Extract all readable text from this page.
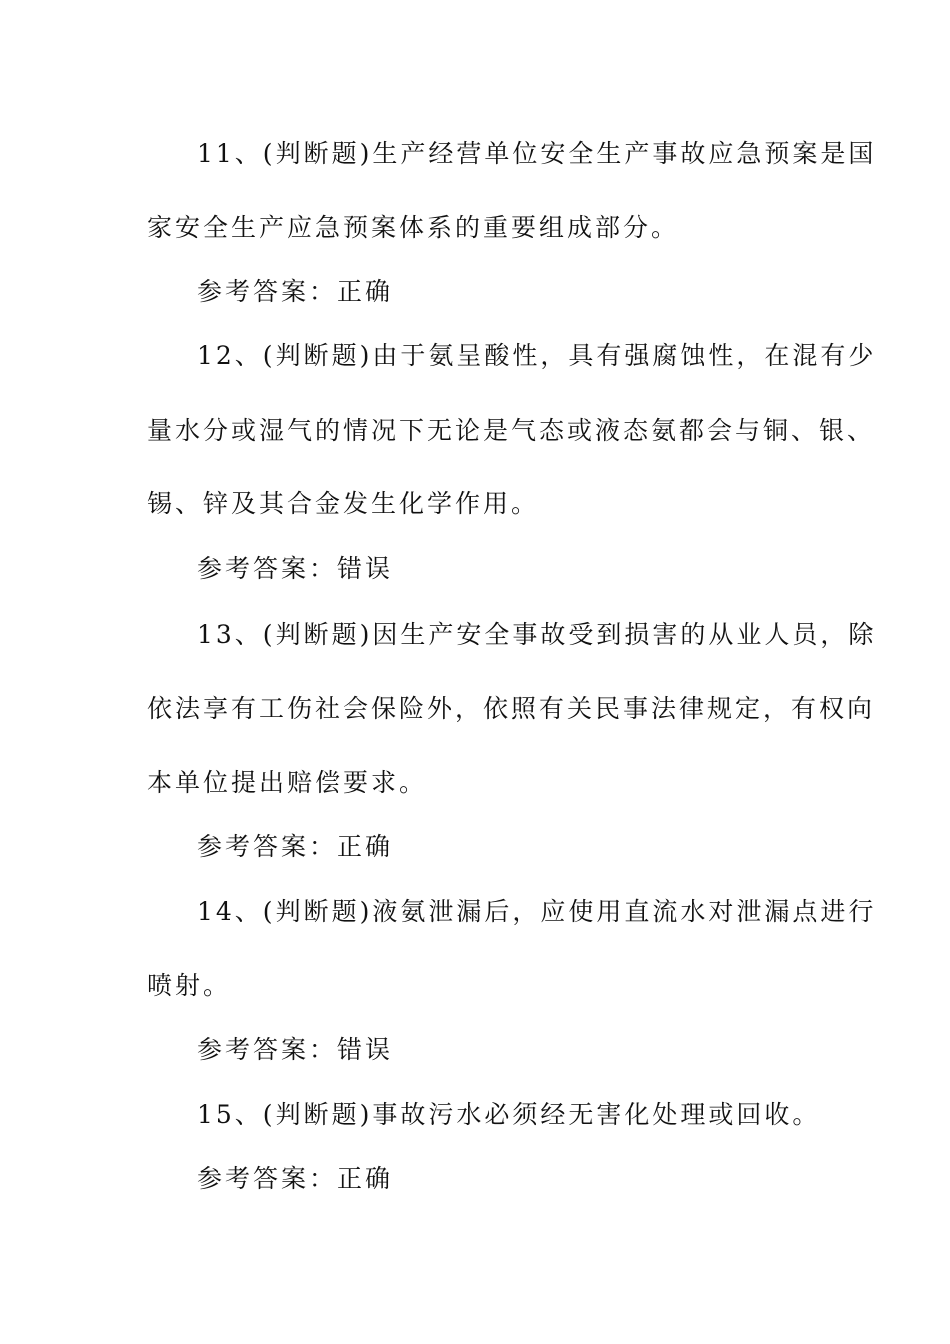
11、(判断题)生产经营单位安全生产事故应急预案是国
家安全生产应急预案体系的重要组成部分。
参考答案：正确
12、(判断题)由于氨呈酸性，具有强腐蚀性，在混有少
量水分或湿气的情况下无论是气态或液态氨都会与铜、银、
锡、锌及其合金发生化学作用。
参考答案：错误
13、(判断题)因生产安全事故受到损害的从业人员，除
依法享有工伤社会保险外，依照有关民事法律规定，有权向
本单位提出赔偿要求。
参考答案：正确
14、(判断题)液氨泄漏后，应使用直流水对泄漏点进行
喷射。
参考答案：错误
15、(判断题)事故污水必须经无害化处理或回收。
参考答案：正确
